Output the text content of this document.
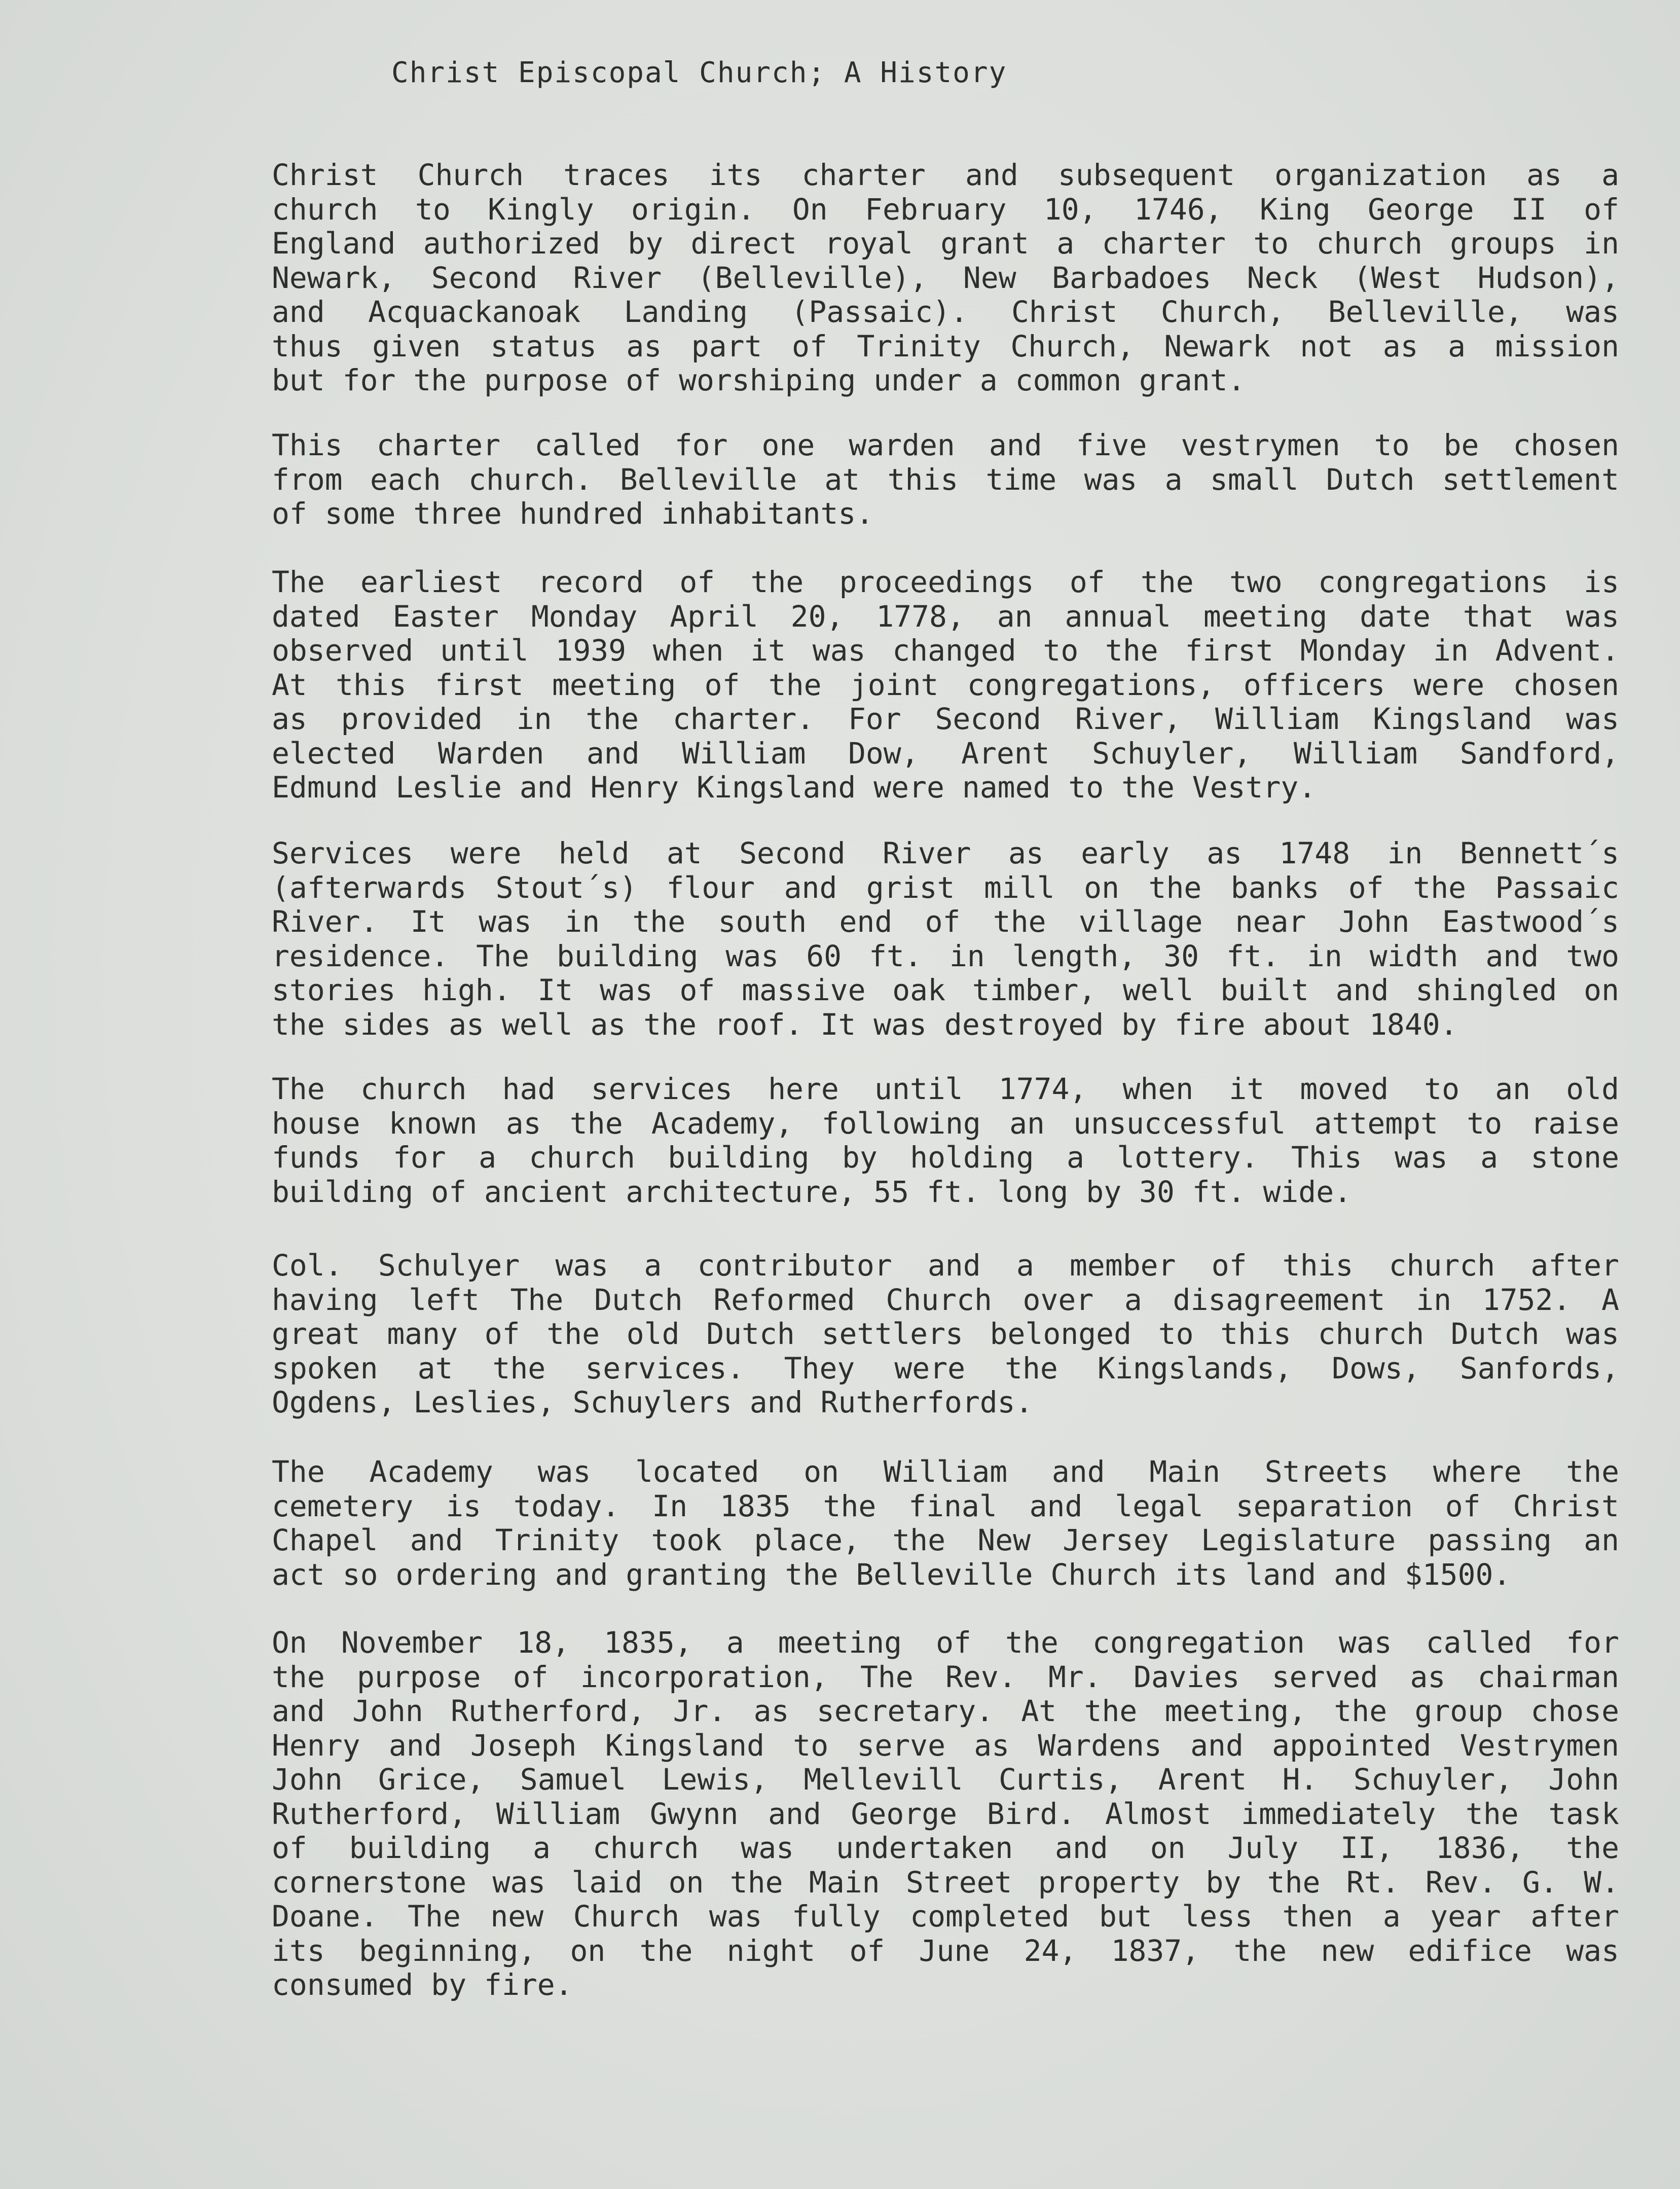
Christ Episcopal Church; A History

Christ Church traces its charter and subsequent organization as a
church to Kingly origin. On February 10, 1746, King George II of
England authorized by direct royal grant a charter to church groups in
Newark, Second River (Belleville), New Barbadoes Neck (West Hudson),
and Acquackanoak Landing (Passaic). Christ Church, Belleville, was
thus given status as part of Trinity Church, Newark not as a mission
but for the purpose of worshiping under a common grant.

This charter called for one warden and five vestrymen to be chosen
from each church. Belleville at this time was a small Dutch settlement
of some three hundred inhabitants.

The earliest record of the proceedings of the two congregations is
dated Easter Monday April 20, 1778, an annual meeting date that was
observed until 1939 when it was changed to the first Monday in Advent.
At this first meeting of the joint congregations, officers were chosen
as provided in the charter. For Second River, William Kingsland was
elected Warden and William Dow, Arent Schuyler, William Sandford,
Edmund Leslie and Henry Kingsland were named to the Vestry.

Services were held at Second River as early as 1748 in Bennett´s
(afterwards Stout´s) flour and grist mill on the banks of the Passaic
River. It was in the south end of the village near John Eastwood´s
residence. The building was 60 ft. in length, 30 ft. in width and two
stories high. It was of massive oak timber, well built and shingled on
the sides as well as the roof. It was destroyed by fire about 1840.

The church had services here until 1774, when it moved to an old
house known as the Academy, following an unsuccessful attempt to raise
funds for a church building by holding a lottery. This was a stone
building of ancient architecture, 55 ft. long by 30 ft. wide.

Col. Schulyer was a contributor and a member of this church after
having left The Dutch Reformed Church over a disagreement in 1752. A
great many of the old Dutch settlers belonged to this church Dutch was
spoken at the services. They were the Kingslands, Dows, Sanfords,
Ogdens, Leslies, Schuylers and Rutherfords.

The Academy was located on William and Main Streets where the
cemetery is today. In 1835 the final and legal separation of Christ
Chapel and Trinity took place, the New Jersey Legislature passing an
act so ordering and granting the Belleville Church its land and $1500.

On November 18, 1835, a meeting of the congregation was called for
the purpose of incorporation, The Rev. Mr. Davies served as chairman
and John Rutherford, Jr. as secretary. At the meeting, the group chose
Henry and Joseph Kingsland to serve as Wardens and appointed Vestrymen
John Grice, Samuel Lewis, Mellevill Curtis, Arent H. Schuyler, John
Rutherford, William Gwynn and George Bird. Almost immediately the task
of building a church was undertaken and on July II, 1836, the
cornerstone was laid on the Main Street property by the Rt. Rev. G. W.
Doane. The new Church was fully completed but less then a year after
its beginning, on the night of June 24, 1837, the new edifice was
consumed by fire.
